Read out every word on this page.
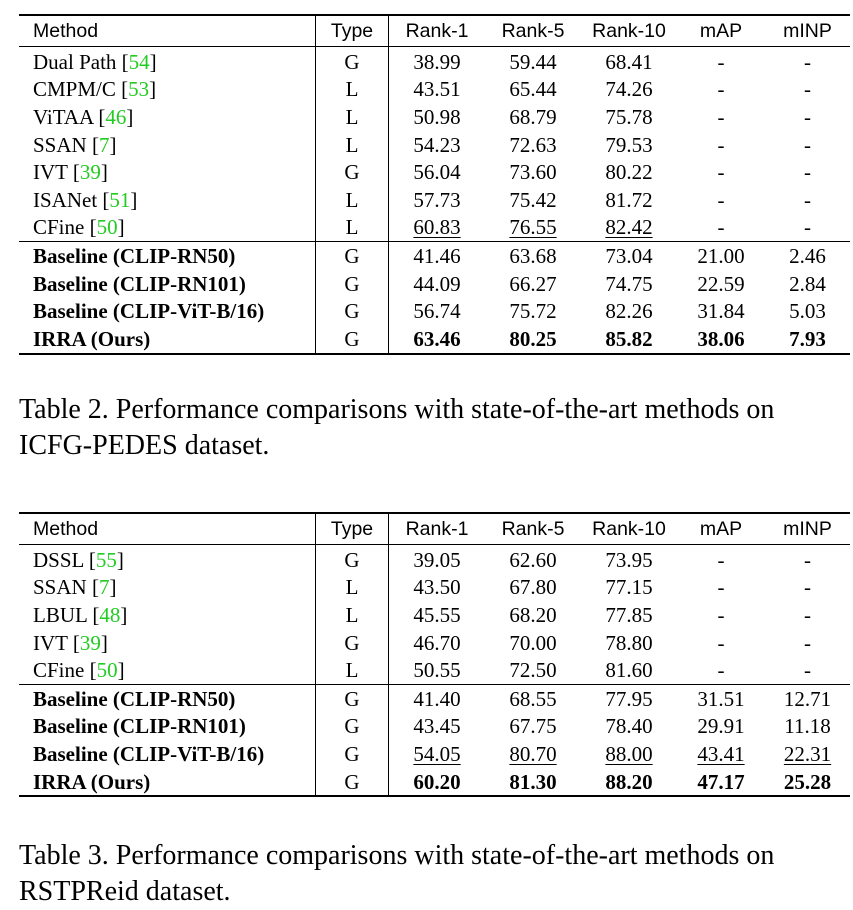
Method	Type	Rank-1	Rank-5	Rank-10	mAP	mINP
Dual Path [54]	G	38.99	59.44	68.41	-	-
CMPM/C [53]	L	43.51	65.44	74.26	-	-
ViTAA [46]	L	50.98	68.79	75.78	-	-
SSAN [7]	L	54.23	72.63	79.53	-	-
IVT [39]	G	56.04	73.60	80.22	-	-
ISANet [51]	L	57.73	75.42	81.72	-	-
CFine [50]	L	60.83	76.55	82.42	-	-
Baseline (CLIP-RN50)	G	41.46	63.68	73.04	21.00	2.46
Baseline (CLIP-RN101)	G	44.09	66.27	74.75	22.59	2.84
Baseline (CLIP-ViT-B/16)	G	56.74	75.72	82.26	31.84	5.03
IRRA (Ours)	G	63.46	80.25	85.82	38.06	7.93
Table 2. Performance comparisons with state-of-the-art methods on ICFG-PEDES dataset.
Method	Type	Rank-1	Rank-5	Rank-10	mAP	mINP
DSSL [55]	G	39.05	62.60	73.95	-	-
SSAN [7]	L	43.50	67.80	77.15	-	-
LBUL [48]	L	45.55	68.20	77.85	-	-
IVT [39]	G	46.70	70.00	78.80	-	-
CFine [50]	L	50.55	72.50	81.60	-	-
Baseline (CLIP-RN50)	G	41.40	68.55	77.95	31.51	12.71
Baseline (CLIP-RN101)	G	43.45	67.75	78.40	29.91	11.18
Baseline (CLIP-ViT-B/16)	G	54.05	80.70	88.00	43.41	22.31
IRRA (Ours)	G	60.20	81.30	88.20	47.17	25.28
Table 3. Performance comparisons with state-of-the-art methods on RSTPReid dataset.
